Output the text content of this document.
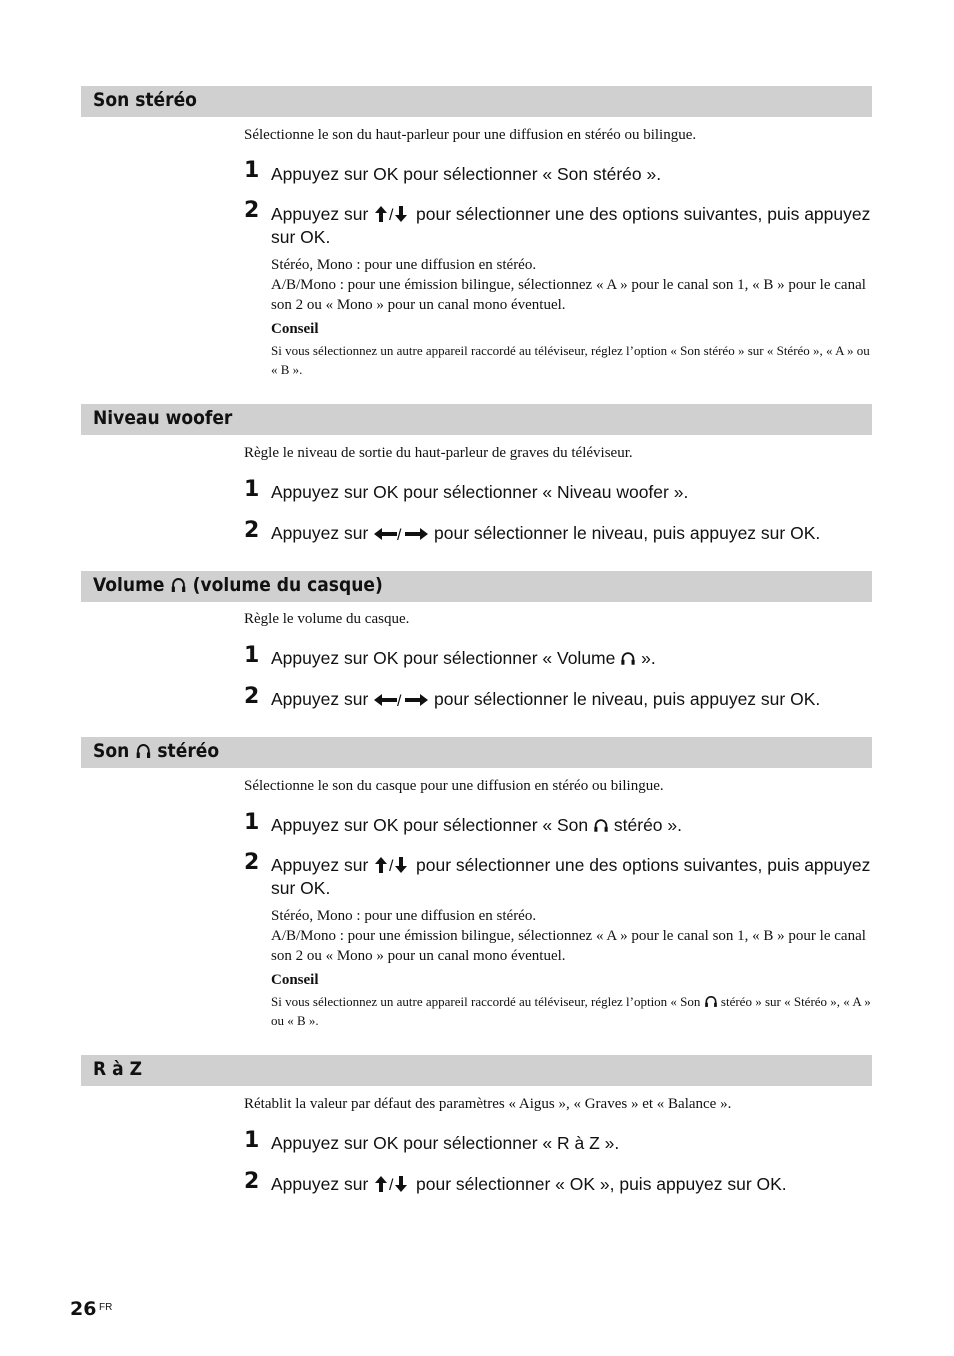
Son stéréo
Sélectionne le son du haut-parleur pour une diffusion en stéréo ou bilingue.
1 Appuyez sur OK pour sélectionner « Son stéréo ».
2 Appuyez sur / pour sélectionner une des options suivantes, puis appuyez sur OK.
Stéréo, Mono : pour une diffusion en stéréo.
A/B/Mono : pour une émission bilingue, sélectionnez « A » pour le canal son 1, « B » pour le canal son 2 ou « Mono » pour un canal mono éventuel.
Conseil
Si vous sélectionnez un autre appareil raccordé au téléviseur, réglez l’option « Son stéréo » sur « Stéréo », « A » ou « B ».
Niveau woofer
Règle le niveau de sortie du haut-parleur de graves du téléviseur.
1 Appuyez sur OK pour sélectionner « Niveau woofer ».
2 Appuyez sur / pour sélectionner le niveau, puis appuyez sur OK.
Volume (volume du casque)
Règle le volume du casque.
1 Appuyez sur OK pour sélectionner « Volume ».
2 Appuyez sur / pour sélectionner le niveau, puis appuyez sur OK.
Son stéréo
Sélectionne le son du casque pour une diffusion en stéréo ou bilingue.
1 Appuyez sur OK pour sélectionner « Son stéréo ».
2 Appuyez sur / pour sélectionner une des options suivantes, puis appuyez sur OK.
Stéréo, Mono : pour une diffusion en stéréo.
A/B/Mono : pour une émission bilingue, sélectionnez « A » pour le canal son 1, « B » pour le canal son 2 ou « Mono » pour un canal mono éventuel.
Conseil
Si vous sélectionnez un autre appareil raccordé au téléviseur, réglez l’option « Son stéréo » sur « Stéréo », « A » ou « B ».
R à Z
Rétablit la valeur par défaut des paramètres « Aigus », « Graves » et « Balance ».
1 Appuyez sur OK pour sélectionner « R à Z ».
2 Appuyez sur / pour sélectionner « OK », puis appuyez sur OK.
26 FR
